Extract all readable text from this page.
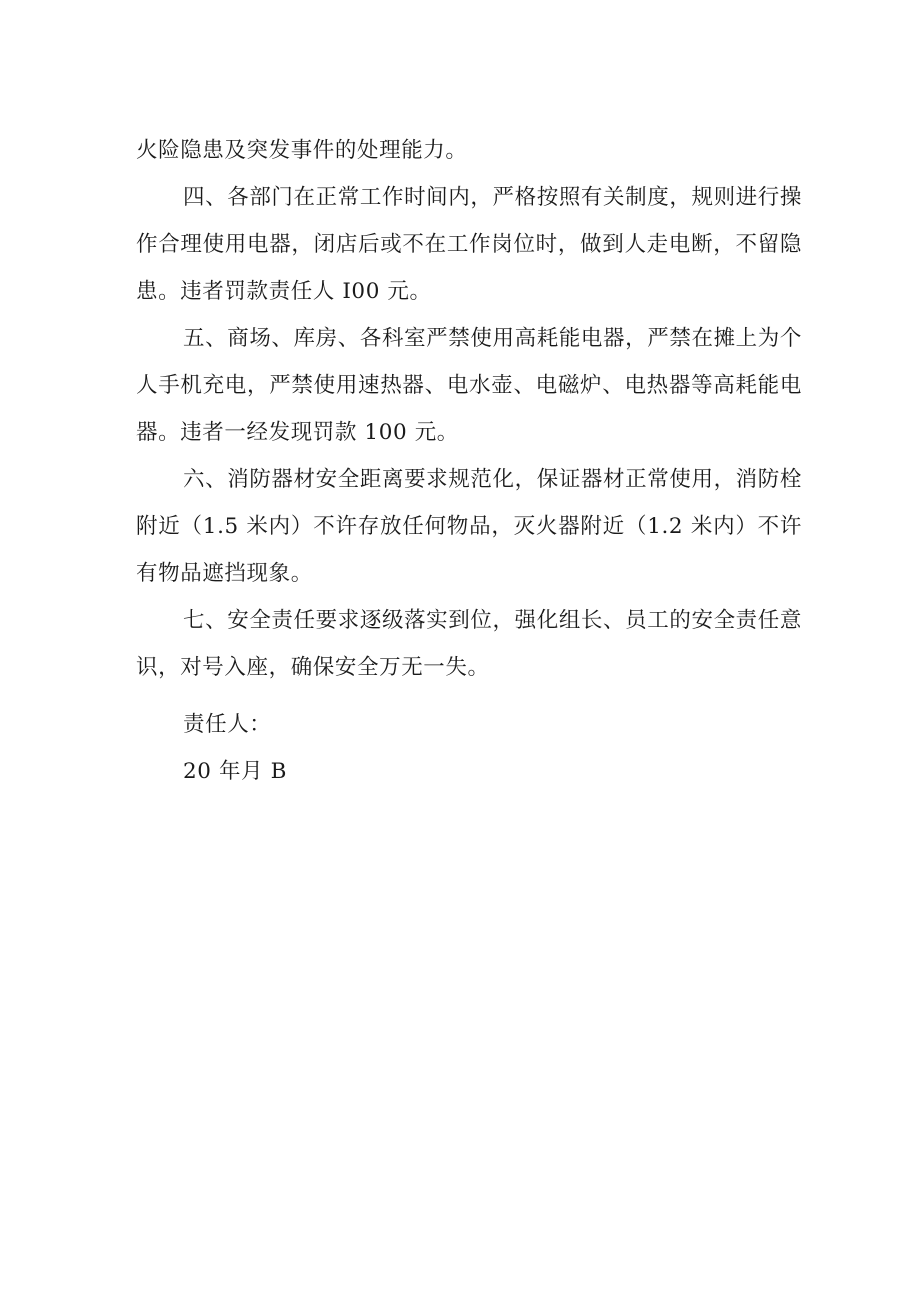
火险隐患及突发事件的处理能力。

四、各部门在正常工作时间内，严格按照有关制度，规则进行操作合理使用电器，闭店后或不在工作岗位时，做到人走电断，不留隐患。违者罚款责任人 I00 元。

五、商场、库房、各科室严禁使用高耗能电器，严禁在摊上为个人手机充电，严禁使用速热器、电水壶、电磁炉、电热器等高耗能电器。违者一经发现罚款 100 元。

六、消防器材安全距离要求规范化，保证器材正常使用，消防栓附近（1.5 米内）不许存放任何物品，灭火器附近（1.2 米内）不许有物品遮挡现象。

七、安全责任要求逐级落实到位，强化组长、员工的安全责任意识，对号入座，确保安全万无一失。

责任人：

20 年月 B
